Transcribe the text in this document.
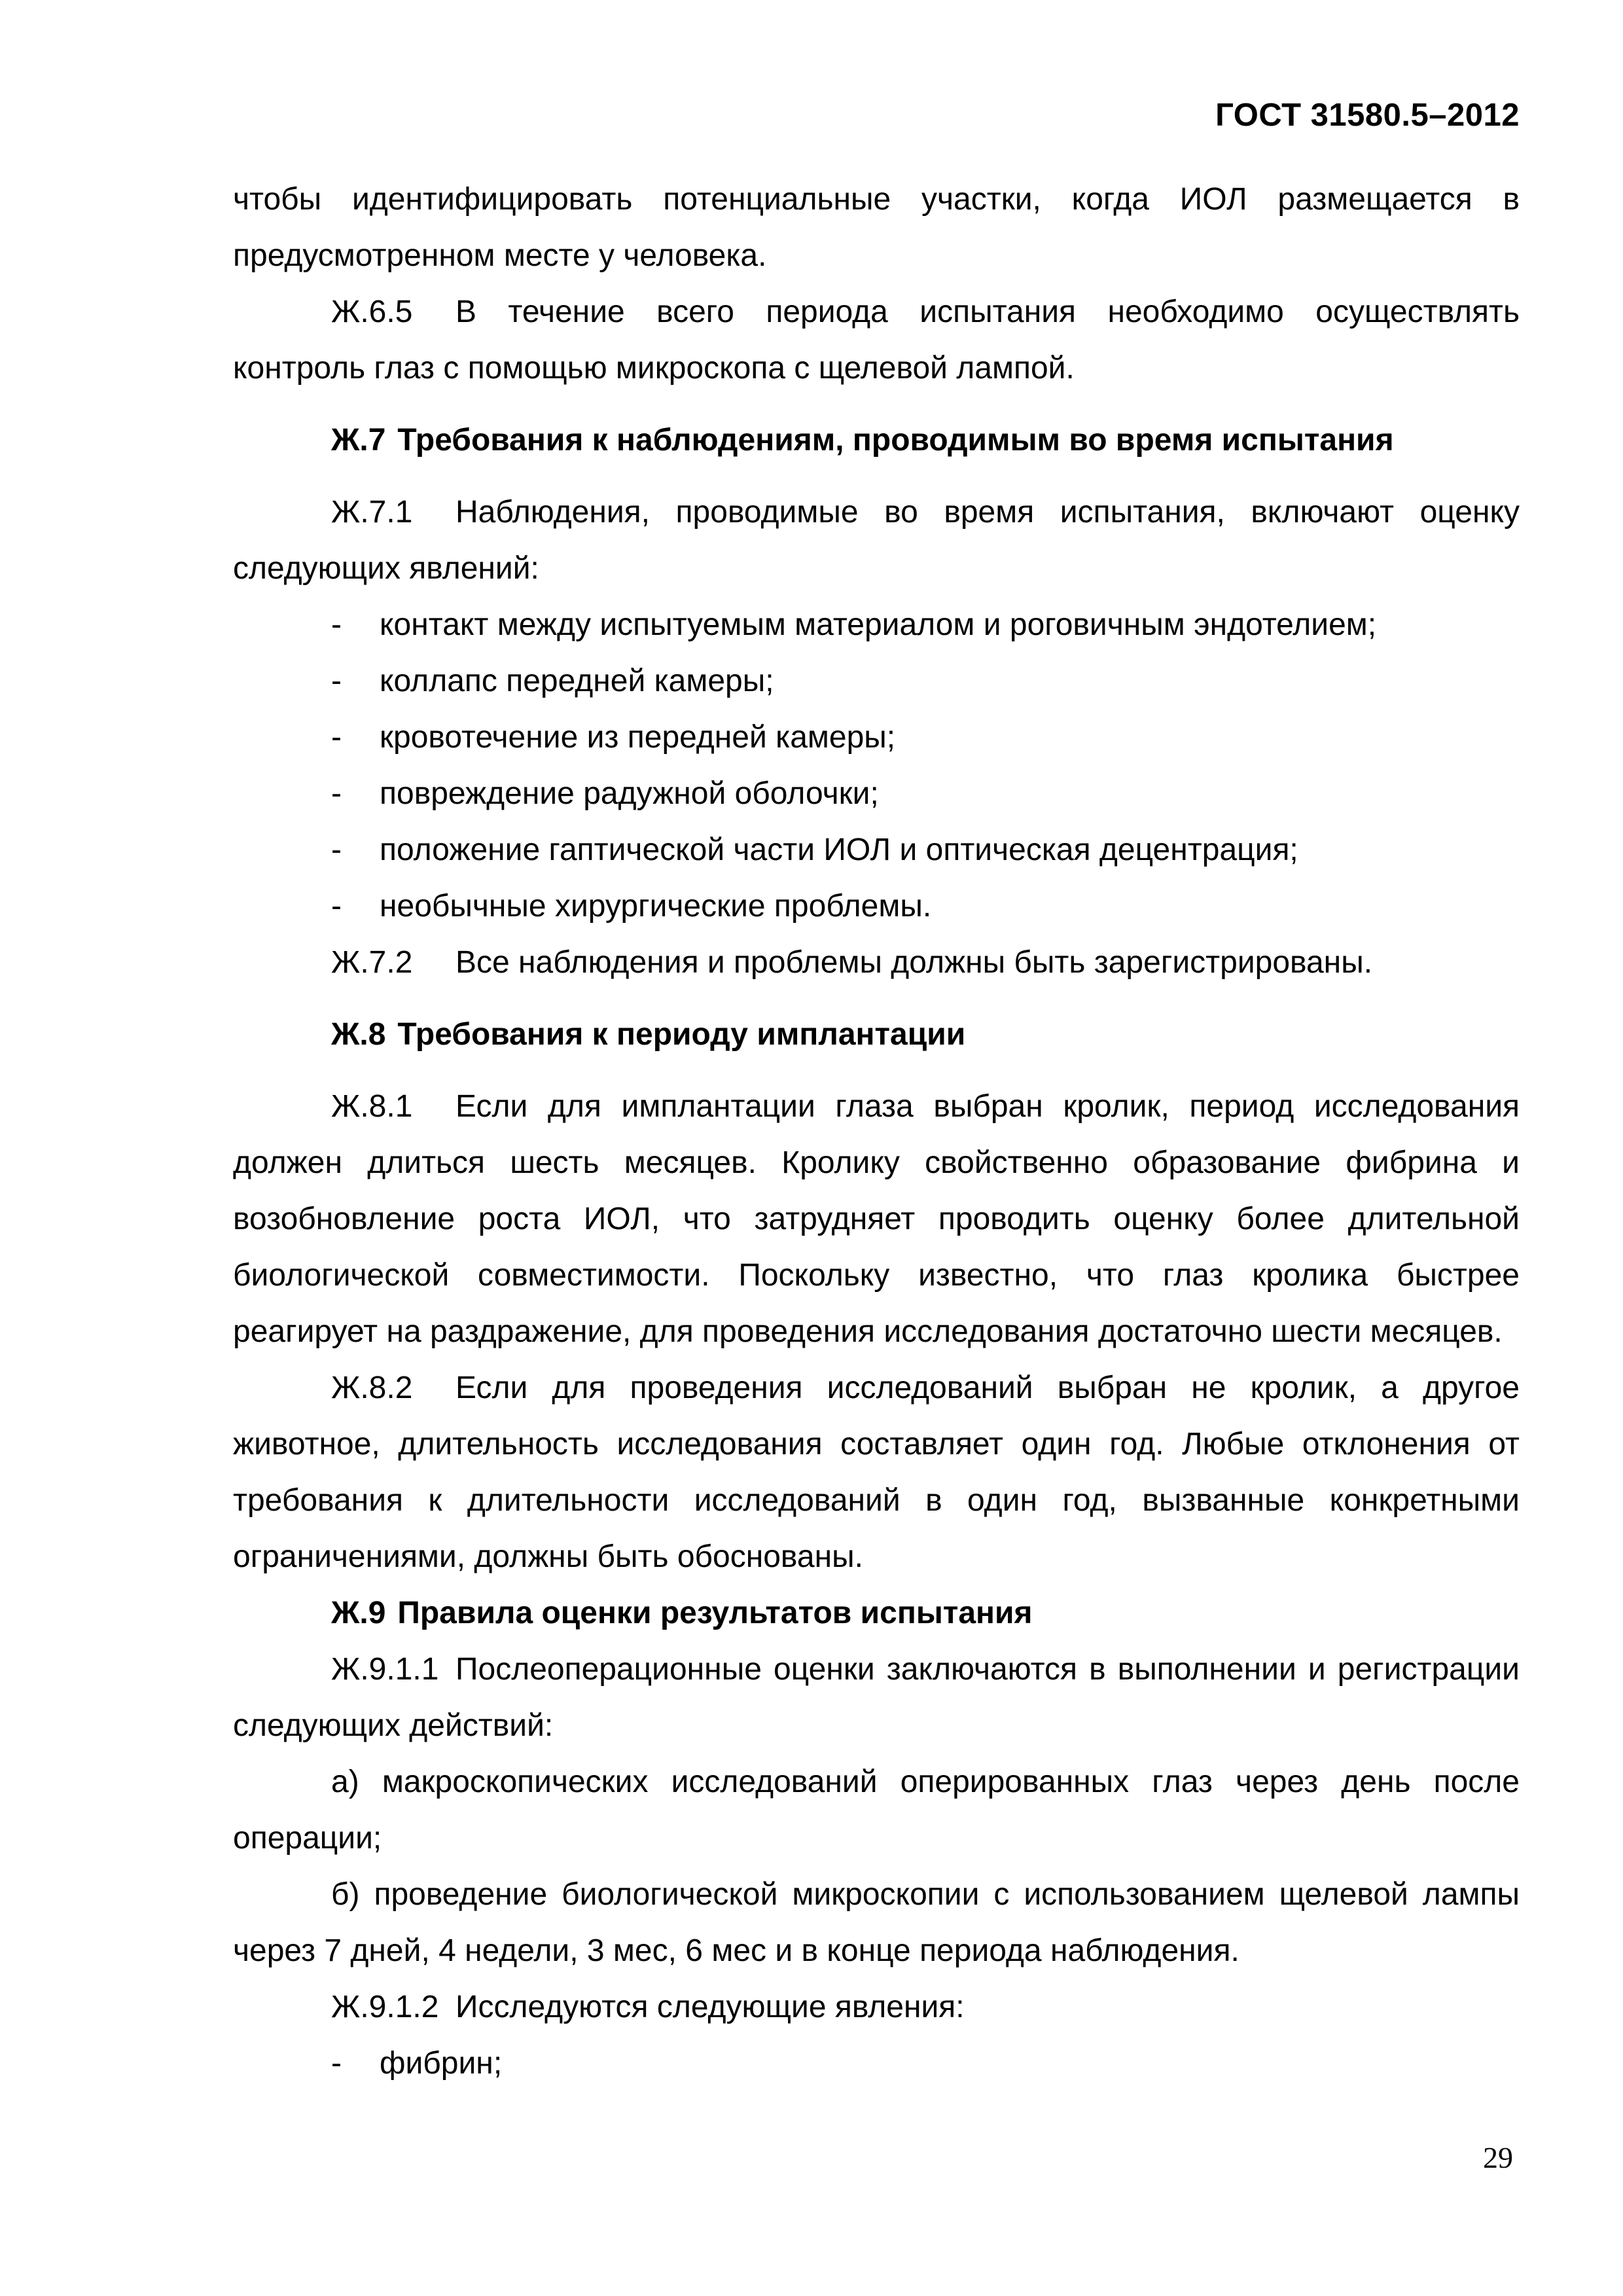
ГОСТ 31580.5–2012

чтобы идентифицировать потенциальные участки, когда ИОЛ размещается в предусмотренном месте у человека.

Ж.6.5 В течение всего периода испытания необходимо осуществлять контроль глаз с помощью микроскопа с щелевой лампой.

Ж.7 Требования к наблюдениям, проводимым во время испытания

Ж.7.1 Наблюдения, проводимые во время испытания, включают оценку следующих явлений:

- контакт между испытуемым материалом и роговичным эндотелием;
- коллапс передней камеры;
- кровотечение из передней камеры;
- повреждение радужной оболочки;
- положение гаптической части ИОЛ и оптическая децентрация;
- необычные хирургические проблемы.

Ж.7.2 Все наблюдения и проблемы должны быть зарегистрированы.

Ж.8 Требования к периоду имплантации

Ж.8.1 Если для имплантации глаза выбран кролик, период исследования должен длиться шесть месяцев. Кролику свойственно образование фибрина и возобновление роста ИОЛ, что затрудняет проводить оценку более длительной биологической совместимости. Поскольку известно, что глаз кролика быстрее реагирует на раздражение, для проведения исследования достаточно шести месяцев.

Ж.8.2 Если для проведения исследований выбран не кролик, а другое животное, длительность исследования составляет один год. Любые отклонения от требования к длительности исследований в один год, вызванные конкретными ограничениями, должны быть обоснованы.

Ж.9 Правила оценки результатов испытания

Ж.9.1.1 Послеоперационные оценки заключаются в выполнении и регистрации следующих действий:

а) макроскопических исследований оперированных глаз через день после операции;

б) проведение биологической микроскопии с использованием щелевой лампы через 7 дней, 4 недели, 3 мес, 6 мес и в конце периода наблюдения.

Ж.9.1.2 Исследуются следующие явления:

- фибрин;
29
